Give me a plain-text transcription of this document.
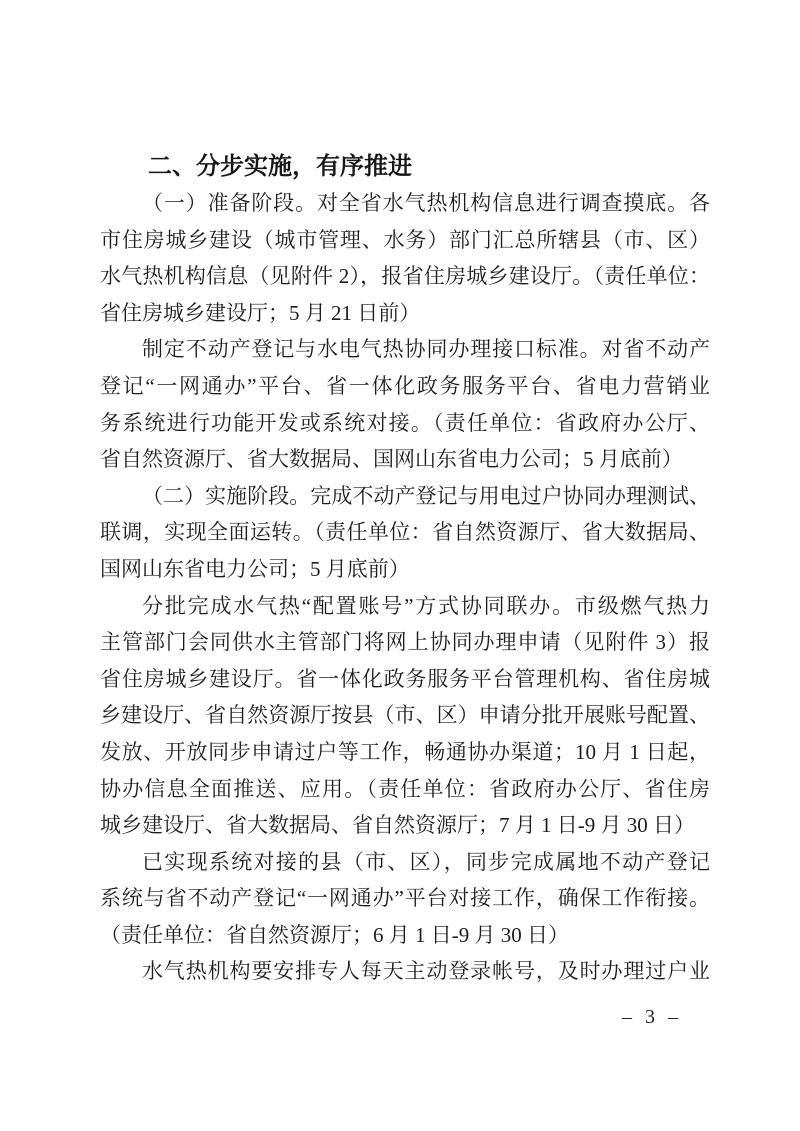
二、分步实施，有序推进
（一）准备阶段。对全省水气热机构信息进行调查摸底。各
市住房城乡建设（城市管理、水务）部门汇总所辖县（市、区）
水气热机构信息（见附件 2），报省住房城乡建设厅。（责任单位：
省住房城乡建设厅；5 月 21 日前）
制定不动产登记与水电气热协同办理接口标准。对省不动产
登记“一网通办”平台、省一体化政务服务平台、省电力营销业
务系统进行功能开发或系统对接。（责任单位：省政府办公厅、
省自然资源厅、省大数据局、国网山东省电力公司；5 月底前）
（二）实施阶段。完成不动产登记与用电过户协同办理测试、
联调，实现全面运转。（责任单位：省自然资源厅、省大数据局、
国网山东省电力公司；5 月底前）
分批完成水气热“配置账号”方式协同联办。市级燃气热力
主管部门会同供水主管部门将网上协同办理申请（见附件 3）报
省住房城乡建设厅。省一体化政务服务平台管理机构、省住房城
乡建设厅、省自然资源厅按县（市、区）申请分批开展账号配置、
发放、开放同步申请过户等工作，畅通协办渠道；10 月 1 日起，
协办信息全面推送、应用。（责任单位：省政府办公厅、省住房
城乡建设厅、省大数据局、省自然资源厅；7 月 1 日-9 月 30 日）
已实现系统对接的县（市、区），同步完成属地不动产登记
系统与省不动产登记“一网通办”平台对接工作，确保工作衔接。
（责任单位：省自然资源厅；6 月 1 日-9 月 30 日）
水气热机构要安排专人每天主动登录帐号，及时办理过户业
– 3 –
